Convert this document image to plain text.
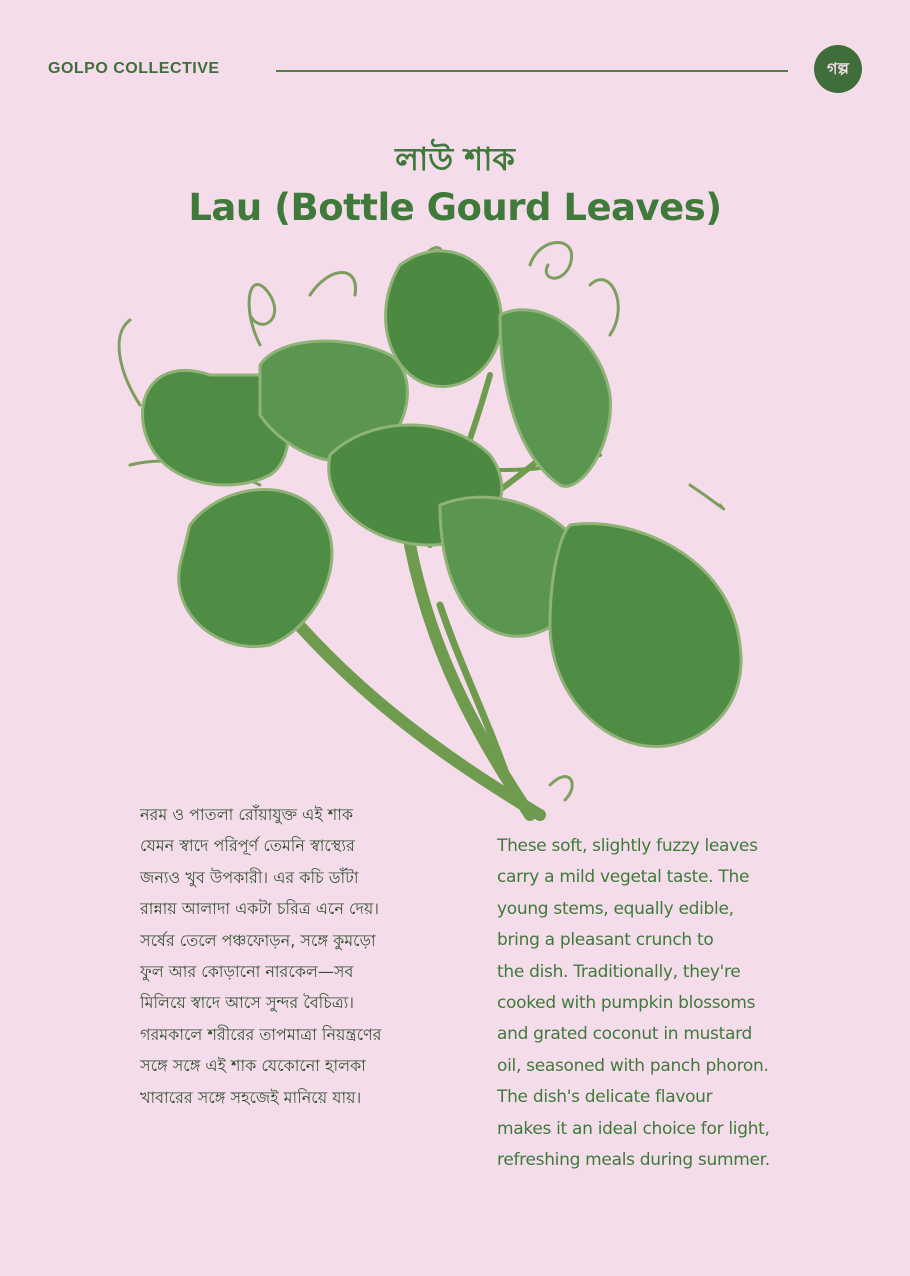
GOLPO COLLECTIVE	গল্প
লাউ শাক
Lau (Bottle Gourd Leaves)

নরম ও পাতলা রোঁয়াযুক্ত এই শাক

যেমন স্বাদে পরিপূর্ণ তেমনি স্বাস্থ্যের

জন্যও খুব উপকারী। এর কচি ডাঁটা

রান্নায় আলাদা একটা চরিত্র এনে দেয়।

সর্ষের তেলে পঞ্চফোড়ন, সঙ্গে কুমড়ো

ফুল আর কোড়ানো নারকেল—সব

মিলিয়ে স্বাদে আসে সুন্দর বৈচিত্র্য।

গরমকালে শরীরের তাপমাত্রা নিয়ন্ত্রণের

সঙ্গে সঙ্গে এই শাক যেকোনো হালকা

খাবারের সঙ্গে সহজেই মানিয়ে যায়।

These soft, slightly fuzzy leaves

carry a mild vegetal taste. The

young stems, equally edible,

bring a pleasant crunch to

the dish. Traditionally, they're

cooked with pumpkin blossoms

and grated coconut in mustard

oil, seasoned with panch phoron.

The dish's delicate flavour

makes it an ideal choice for light,

refreshing meals during summer.
